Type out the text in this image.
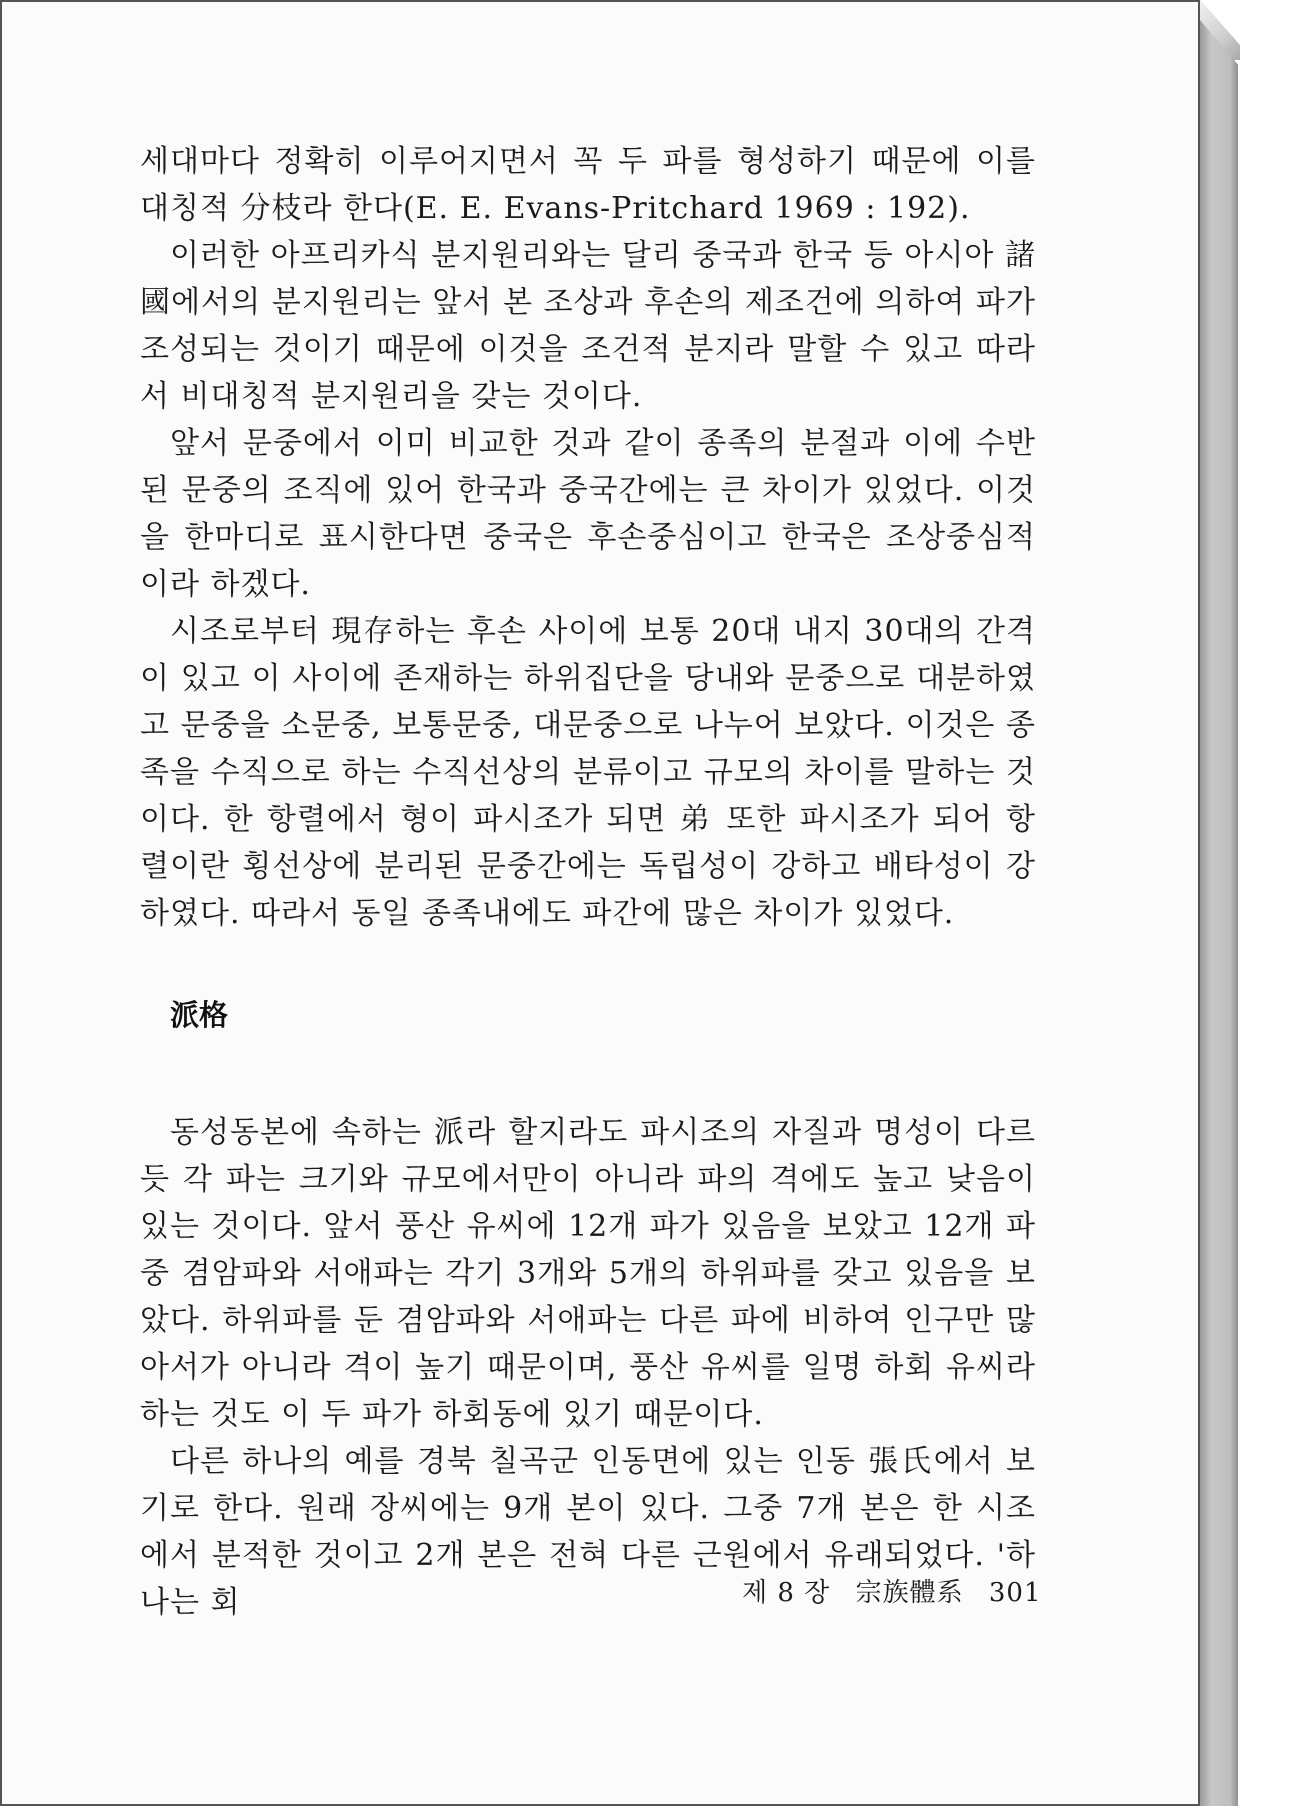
세대마다 정확히 이루어지면서 꼭 두 파를 형성하기 때문에 이를 대칭적 分枝라 한다(E. E. Evans-Pritchard 1969 : 192).

이러한 아프리카식 분지원리와는 달리 중국과 한국 등 아시아 諸國에서의 분지원리는 앞서 본 조상과 후손의 제조건에 의하여 파가 조성되는 것이기 때문에 이것을 조건적 분지라 말할 수 있고 따라서 비대칭적 분지원리을 갖는 것이다.

앞서 문중에서 이미 비교한 것과 같이 종족의 분절과 이에 수반된 문중의 조직에 있어 한국과 중국간에는 큰 차이가 있었다. 이것을 한마디로 표시한다면 중국은 후손중심이고 한국은 조상중심적이라 하겠다.

시조로부터 現存하는 후손 사이에 보통 20대 내지 30대의 간격이 있고 이 사이에 존재하는 하위집단을 당내와 문중으로 대분하였고 문중을 소문중, 보통문중, 대문중으로 나누어 보았다. 이것은 종족을 수직으로 하는 수직선상의 분류이고 규모의 차이를 말하는 것이다. 한 항렬에서 형이 파시조가 되면 弟 또한 파시조가 되어 항렬이란 횡선상에 분리된 문중간에는 독립성이 강하고 배타성이 강하였다. 따라서 동일 종족내에도 파간에 많은 차이가 있었다.

派格

동성동본에 속하는 派라 할지라도 파시조의 자질과 명성이 다르듯 각 파는 크기와 규모에서만이 아니라 파의 격에도 높고 낮음이 있는 것이다. 앞서 풍산 유씨에 12개 파가 있음을 보았고 12개 파 중 겸암파와 서애파는 각기 3개와 5개의 하위파를 갖고 있음을 보았다. 하위파를 둔 겸암파와 서애파는 다른 파에 비하여 인구만 많아서가 아니라 격이 높기 때문이며, 풍산 유씨를 일명 하회 유씨라 하는 것도 이 두 파가 하회동에 있기 때문이다.

다른 하나의 예를 경북 칠곡군 인동면에 있는 인동 張氏에서 보기로 한다. 원래 장씨에는 9개 본이 있다. 그중 7개 본은 한 시조에서 분적한 것이고 2개 본은 전혀 다른 근원에서 유래되었다. '하나는 회	제 8 장 宗族體系 301
